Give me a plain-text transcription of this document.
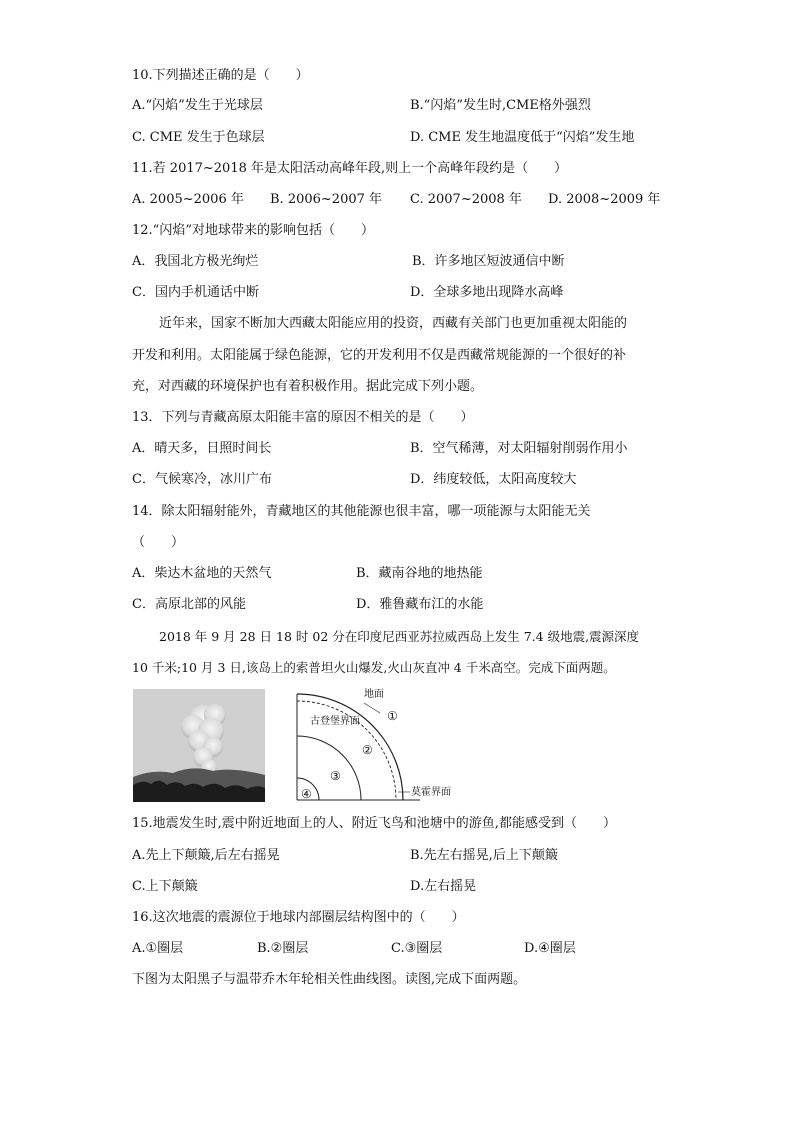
10.下列描述正确的是（　　）
A.“闪焰”发生于光球层	B.“闪焰”发生时,CME格外强烈
C. CME 发生于色球层	D. CME 发生地温度低于“闪焰”发生地
11.若 2017~2018 年是太阳活动高峰年段,则上一个高峰年段约是（　　）
A. 2005~2006 年 B. 2006~2007 年 C. 2007~2008 年 D. 2008~2009 年
12.“闪焰”对地球带来的影响包括（　　）
A．我国北方极光绚烂	B．许多地区短波通信中断
C．国内手机通话中断	D．全球多地出现降水高峰
近年来，国家不断加大西藏太阳能应用的投资，西藏有关部门也更加重视太阳能的
开发和利用。太阳能属于绿色能源，它的开发利用不仅是西藏常规能源的一个很好的补
充，对西藏的环境保护也有着积极作用。据此完成下列小题。
13．下列与青藏高原太阳能丰富的原因不相关的是（　　）
A．晴天多，日照时间长	B．空气稀薄，对太阳辐射削弱作用小
C．气候寒冷，冰川广布	D．纬度较低，太阳高度较大
14．除太阳辐射能外，青藏地区的其他能源也很丰富，哪一项能源与太阳能无关
（　　）
A．柴达木盆地的天然气	B．藏南谷地的地热能
C．高原北部的风能	D．雅鲁藏布江的水能
2018 年 9 月 28 日 18 时 02 分在印度尼西亚苏拉威西岛上发生 7.4 级地震,震源深度
10 千米;10 月 3 日,该岛上的索普坦火山爆发,火山灰直冲 4 千米高空。完成下面两题。
地面
古登堡界面
莫霍界面
①
②
③
④
15.地震发生时,震中附近地面上的人、附近飞鸟和池塘中的游鱼,都能感受到（　　）
A.先上下颠簸,后左右摇晃	B.先左右摇晃,后上下颠簸
C.上下颠簸	D.左右摇晃
16.这次地震的震源位于地球内部圈层结构图中的（　　）
A.①圈层	B.②圈层	C.③圈层	D.④圈层
下图为太阳黑子与温带乔木年轮相关性曲线图。读图,完成下面两题。
